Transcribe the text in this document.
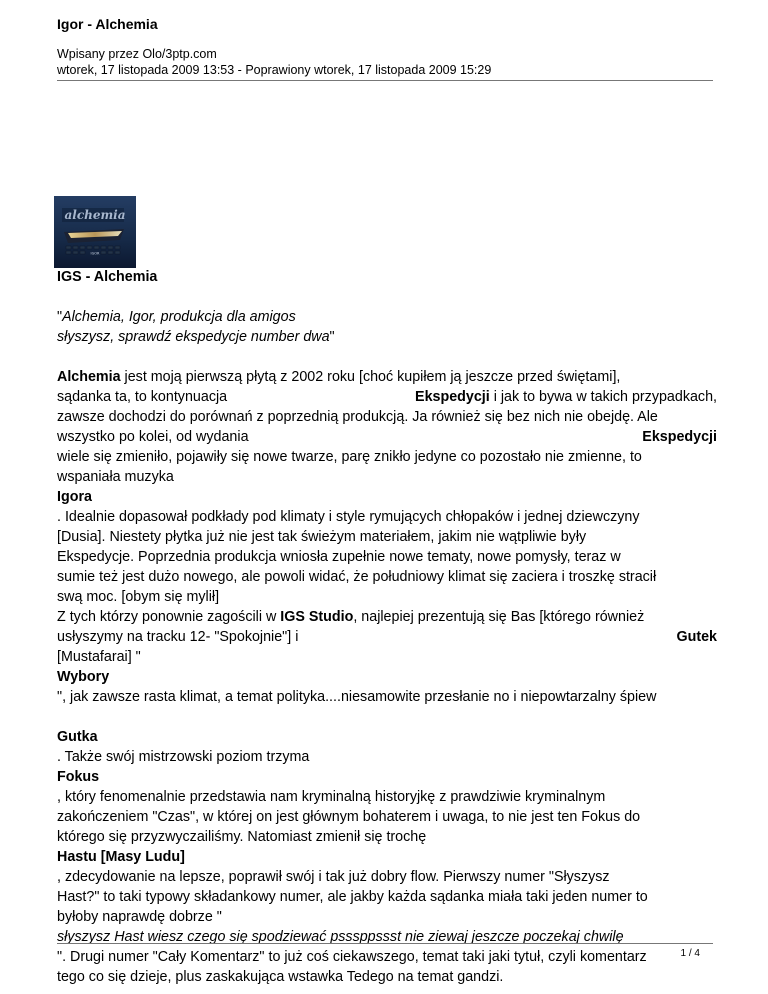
Igor - Alchemia
Wpisany przez Olo/3ptp.com
wtorek, 17 listopada 2009 13:53 - Poprawiony wtorek, 17 listopada 2009 15:29
alchemia
IGOR

IGS - Alchemia

"Alchemia, Igor, produkcja dla amigos

słyszysz, sprawdź ekspedycje number dwa"

Alchemia jest moją pierwszą płytą z 2002 roku [choć kupiłem ją jeszcze przed świętami],

sądanka ta, to kontynuacja	Ekspedycji i jak to bywa w takich przypadkach,

zawsze dochodzi do porównań z poprzednią produkcją. Ja również się bez nich nie obejdę. Ale

wszystko po kolei, od wydania	Ekspedycji

wiele się zmieniło, pojawiły się nowe twarze, parę znikło jedyne co pozostało nie zmienne, to

wspaniała muzyka

Igora

. Idealnie dopasował podkłady pod klimaty i style rymujących chłopaków i jednej dziewczyny

[Dusia]. Niestety płytka już nie jest tak świeżym materiałem, jakim nie wątpliwie były

Ekspedycje. Poprzednia produkcja wniosła zupełnie nowe tematy, nowe pomysły, teraz w

sumie też jest dużo nowego, ale powoli widać, że południowy klimat się zaciera i troszkę stracił

swą moc. [obym się mylił]

Z tych którzy ponownie zagościli w IGS Studio, najlepiej prezentują się Bas [którego również

usłyszymy na tracku 12- "Spokojnie"] i	Gutek

[Mustafarai] "

Wybory

", jak zawsze rasta klimat, a temat polityka....niesamowite przesłanie no i niepowtarzalny śpiew

Gutka

. Także swój mistrzowski poziom trzyma

Fokus

, który fenomenalnie przedstawia nam kryminalną historyjkę z prawdziwie kryminalnym

zakończeniem "Czas", w której on jest głównym bohaterem i uwaga, to nie jest ten Fokus do

którego się przyzwyczailiśmy. Natomiast zmienił się trochę

Hastu [Masy Ludu]

, zdecydowanie na lepsze, poprawił swój i tak już dobry flow. Pierwszy numer "Słyszysz

Hast?" to taki typowy składankowy numer, ale jakby każda sądanka miała taki jeden numer to

byłoby naprawdę dobrze "

słyszysz Hast wiesz czego się spodziewać psssppssst nie ziewaj jeszcze poczekaj chwilę

". Drugi numer "Cały Komentarz" to już coś ciekawszego, temat taki jaki tytuł, czyli komentarz

tego co się dzieje, plus zaskakująca wstawka Tedego na temat gandzi.

1 / 4
